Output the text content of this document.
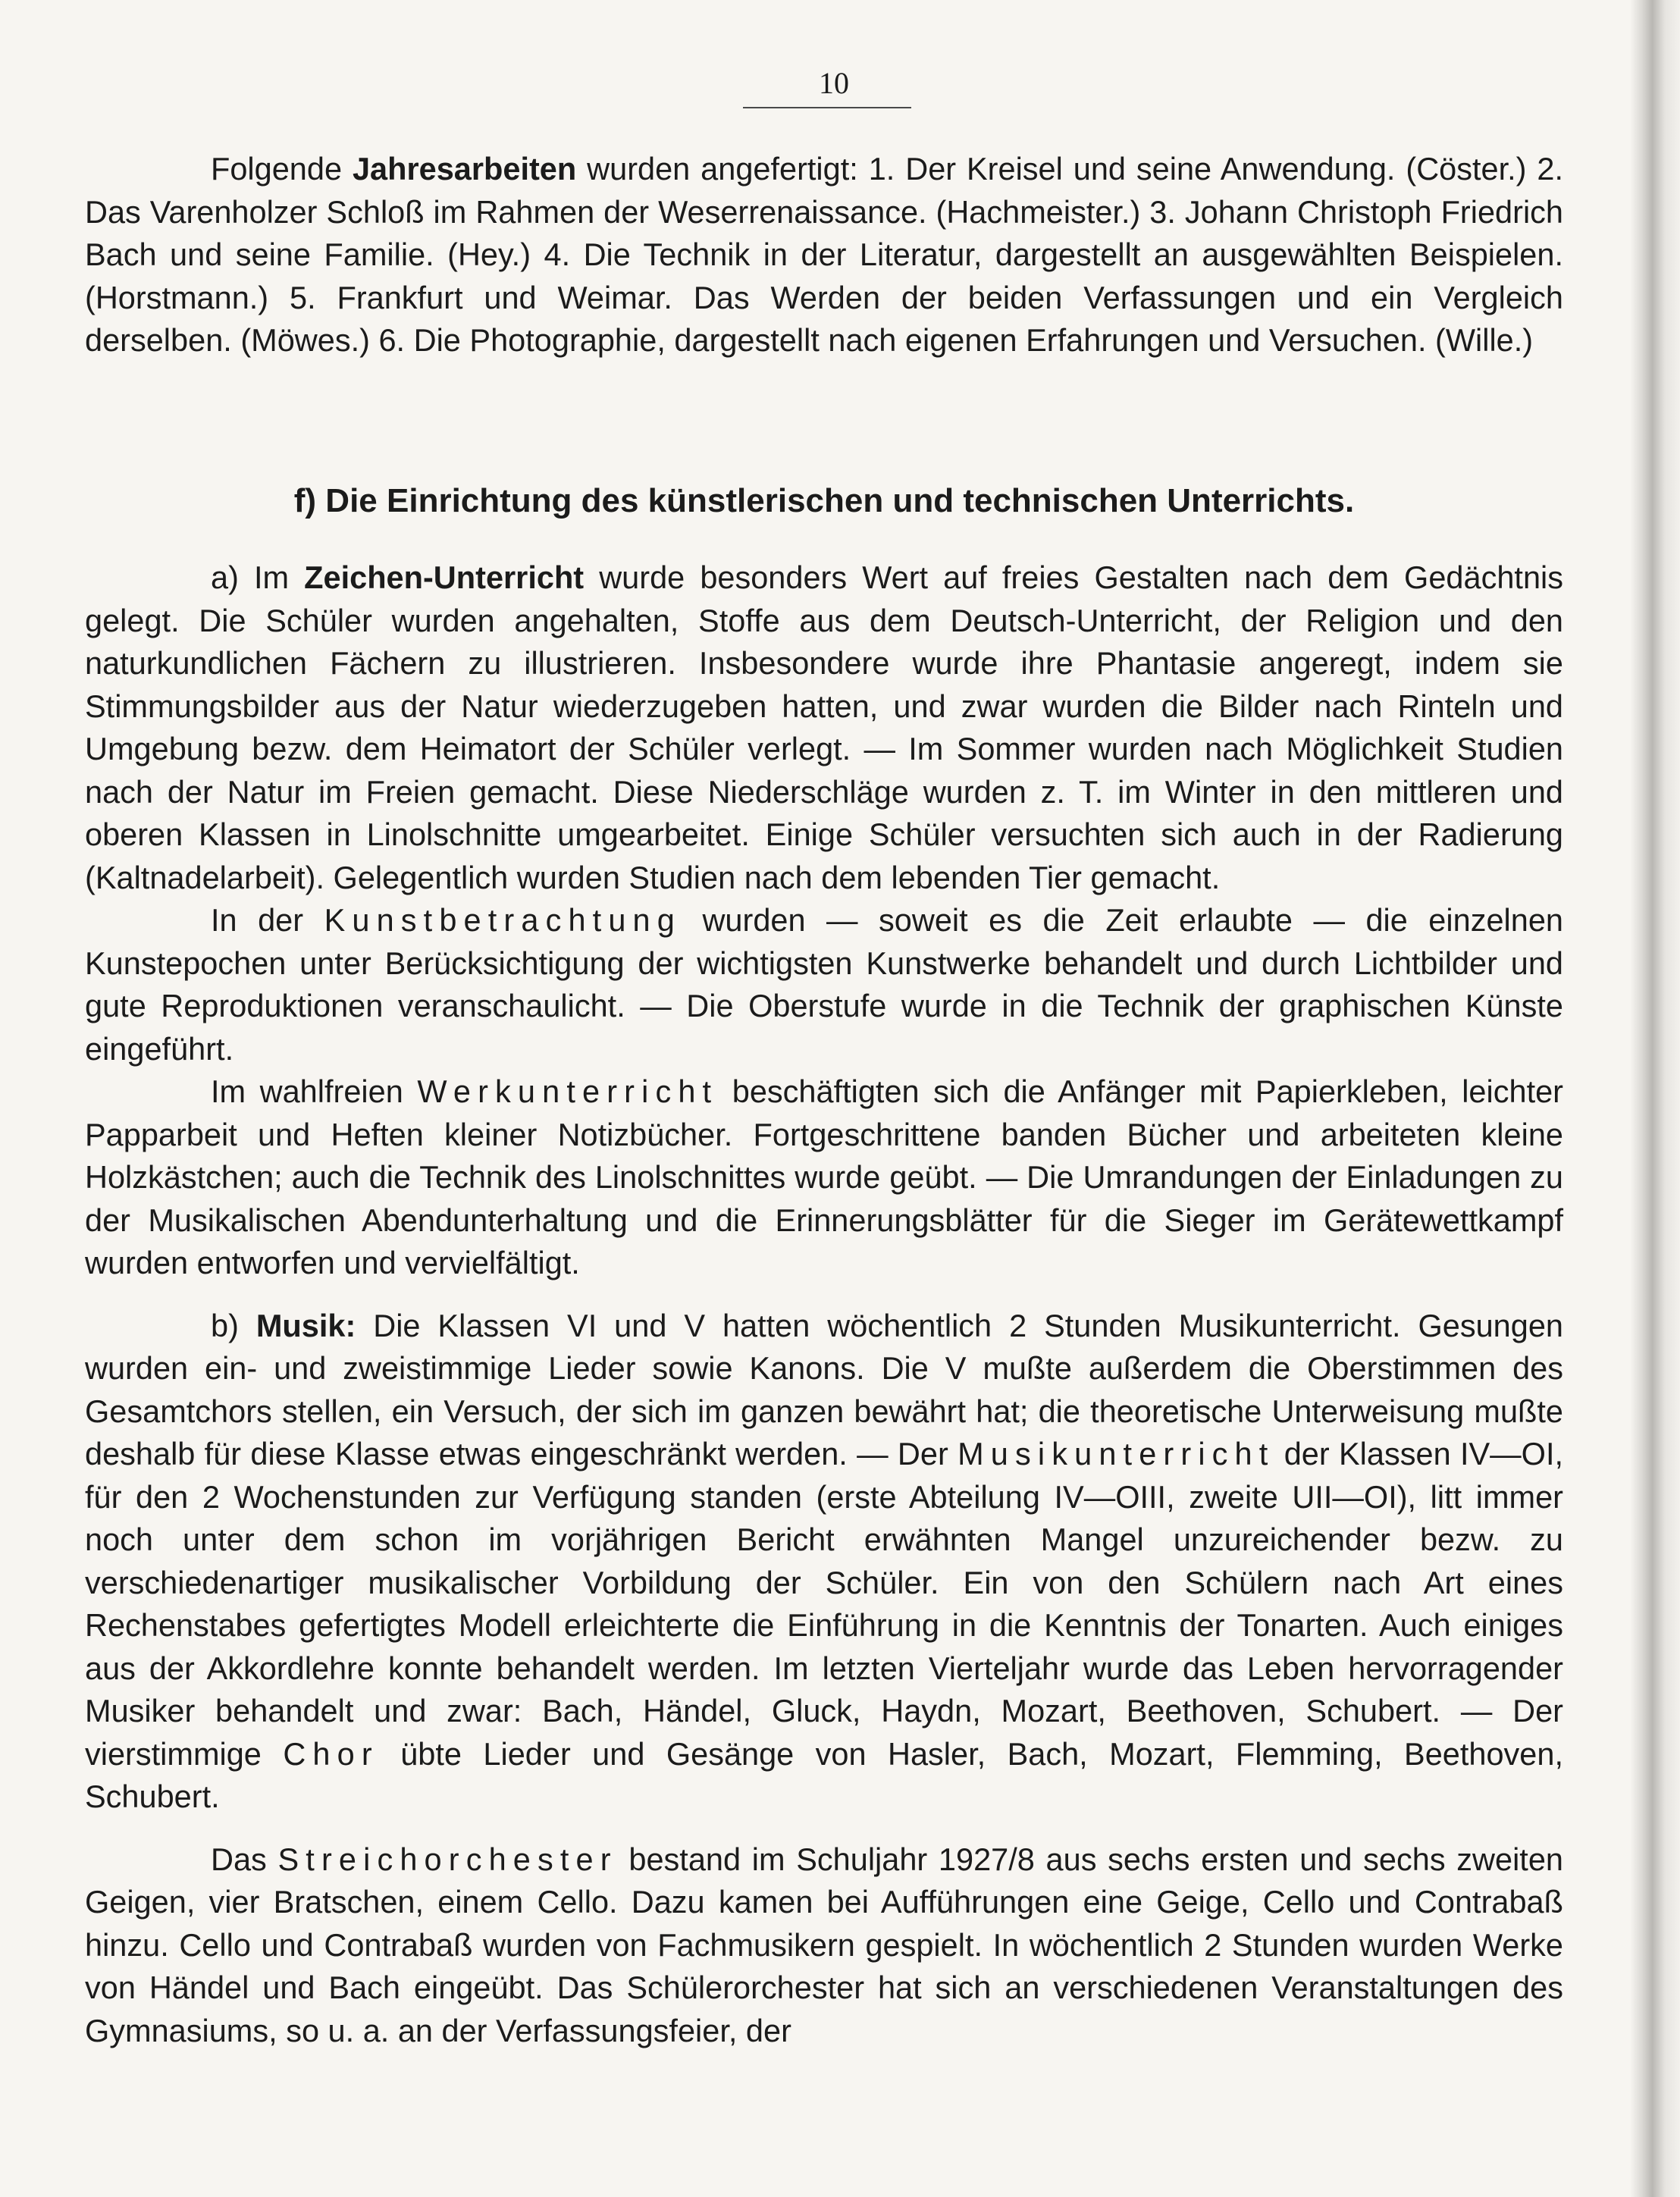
10

Folgende Jahresarbeiten wurden angefertigt: 1. Der Kreisel und seine Anwendung. (Cöster.) 2. Das Varenholzer Schloß im Rahmen der Weserrenaissance. (Hachmeister.) 3. Johann Christoph Friedrich Bach und seine Familie. (Hey.) 4. Die Technik in der Literatur, dargestellt an ausgewählten Beispielen. (Horstmann.) 5. Frankfurt und Weimar. Das Werden der beiden Verfassungen und ein Vergleich derselben. (Möwes.) 6. Die Photographie, dargestellt nach eigenen Erfahrungen und Versuchen. (Wille.)

f) Die Einrichtung des künstlerischen und technischen Unterrichts.

a) Im Zeichen-Unterricht wurde besonders Wert auf freies Gestalten nach dem Gedächtnis gelegt. Die Schüler wurden angehalten, Stoffe aus dem Deutsch-Unterricht, der Religion und den naturkundlichen Fächern zu illustrieren. Insbesondere wurde ihre Phantasie angeregt, indem sie Stimmungsbilder aus der Natur wiederzugeben hatten, und zwar wurden die Bilder nach Rinteln und Umgebung bezw. dem Heimatort der Schüler verlegt. — Im Sommer wurden nach Möglichkeit Studien nach der Natur im Freien gemacht. Diese Niederschläge wurden z. T. im Winter in den mittleren und oberen Klassen in Linolschnitte umgearbeitet. Einige Schüler versuchten sich auch in der Radierung (Kaltnadelarbeit). Gelegentlich wurden Studien nach dem lebenden Tier gemacht.

In der Kunstbetrachtung wurden — soweit es die Zeit erlaubte — die einzelnen Kunstepochen unter Berücksichtigung der wichtigsten Kunstwerke behandelt und durch Lichtbilder und gute Reproduktionen veranschaulicht. — Die Oberstufe wurde in die Technik der graphischen Künste eingeführt.

Im wahlfreien Werkunterricht beschäftigten sich die Anfänger mit Papierkleben, leichter Papparbeit und Heften kleiner Notizbücher. Fortgeschrittene banden Bücher und arbeiteten kleine Holzkästchen; auch die Technik des Linolschnittes wurde geübt. — Die Umrandungen der Einladungen zu der Musikalischen Abendunterhaltung und die Erinnerungsblätter für die Sieger im Gerätewettkampf wurden entworfen und vervielfältigt.

b) Musik: Die Klassen VI und V hatten wöchentlich 2 Stunden Musikunterricht. Gesungen wurden ein- und zweistimmige Lieder sowie Kanons. Die V mußte außerdem die Oberstimmen des Gesamtchors stellen, ein Versuch, der sich im ganzen bewährt hat; die theoretische Unterweisung mußte deshalb für diese Klasse etwas eingeschränkt werden. — Der Musikunterricht der Klassen IV—OI, für den 2 Wochenstunden zur Verfügung standen (erste Abteilung IV—OIII, zweite UII—OI), litt immer noch unter dem schon im vorjährigen Bericht erwähnten Mangel unzureichender bezw. zu verschiedenartiger musikalischer Vorbildung der Schüler. Ein von den Schülern nach Art eines Rechenstabes gefertigtes Modell erleichterte die Einführung in die Kenntnis der Tonarten. Auch einiges aus der Akkordlehre konnte behandelt werden. Im letzten Vierteljahr wurde das Leben hervorragender Musiker behandelt und zwar: Bach, Händel, Gluck, Haydn, Mozart, Beethoven, Schubert. — Der vierstimmige Chor übte Lieder und Gesänge von Hasler, Bach, Mozart, Flemming, Beethoven, Schubert.

Das Streichorchester bestand im Schuljahr 1927/8 aus sechs ersten und sechs zweiten Geigen, vier Bratschen, einem Cello. Dazu kamen bei Aufführungen eine Geige, Cello und Contrabaß hinzu. Cello und Contrabaß wurden von Fachmusikern gespielt. In wöchentlich 2 Stunden wurden Werke von Händel und Bach eingeübt. Das Schülerorchester hat sich an verschiedenen Veranstaltungen des Gymnasiums, so u. a. an der Verfassungsfeier, der
